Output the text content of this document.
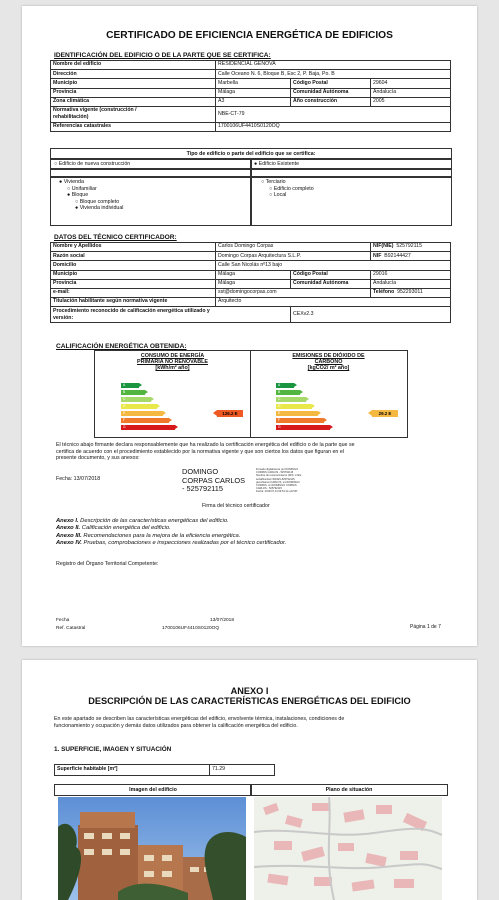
CERTIFICADO DE EFICIENCIA ENERGÉTICA DE EDIFICIOS
IDENTIFICACIÓN DEL EDIFICIO O DE LA PARTE QUE SE CERTIFICA:
Nombre del edificio	RESIDENCIAL GENOVA		
Dirección	Calle Oceano N. 6, Bloque B, Esc 2, P. Baja, Po. B		
Municipio	Marbella	Código Postal	29604
Provincia	Málaga	Comunidad Autónoma	Andalucía
Zona climática	A3	Año construcción	2005
Normativa vigente (construcción /
rehabilitación)	NBE-CT-79		
Referencias catastrales	1700106UF4410S0120OQ		
Tipo de edificio o parte del edificio que se certifica:
○ Edificio de nueva construcción	● Edificio Existente
● Vivienda
○ Unifamiliar
● Bloque
○ Bloque completo
● Vivienda individual
○ Terciario
○ Edificio completo
○ Local
DATOS DEL TÉCNICO CERTIFICADOR:
Nombre y Apellidos	Carlos Domingo Corpas		NIF(NIE) 525792115
Razón social	Domingo Corpas Arquitectura S.L.P.		NIF B92144427
Domicilio	Calle San Nicolás nº13 bajo		
Municipio	Málaga	Código Postal	29016
Provincia	Málaga	Comunidad Autónoma	Andalucía
e-mail:	sst@domingocorpas.com		Teléfono 952293011
Titulación habilitante según normativa vigente	Arquitecto		
Procedimiento reconocido de calificación energética utilizado y
versión:		CEXv2.3	
CALIFICACIÓN ENERGÉTICA OBTENIDA:
CONSUMO DE ENERGÍA
PRIMARIA NO RENOVABLE
[kWh/m² año]
A
B
C
D
E
F
G
126.2 E
EMISIONES DE DIÓXIDO DE
CARBONO
[kgCO2/ m² año]
A
B
C
D
E
F
G
29.2 E
El técnico abajo firmante declara responsablemente que ha realizado la certificación energética del edificio o de la parte que se
certifica de acuerdo con el procedimiento establecido por la normativa vigente y que son ciertos los datos que figuran en el
presente documento, y sus anexos:
Fecha: 13/07/2018
DOMINGO
CORPAS CARLOS
- 525792115
Firmado digitalmente por DOMINGO
CORPAS CARLOS - 525792115
Nombre de reconocimiento (DN): c=ES,
serialNumber=IDCES-525792115,
givenName=CARLOS, sn=DOMINGO
CORPAS, cn=DOMINGO CORPAS
CARLOS - 525792115
Fecha: 2018.07.13 09:51:14 +02'00'
Firma del técnico certificador
Anexo I. Descripción de las características energéticas del edificio.
Anexo II. Calificación energética del edificio.
Anexo III. Recomendaciones para la mejora de la eficiencia energética.
Anexo IV. Pruebas, comprobaciones e inspecciones realizadas por el técnico certificador.
Registro del Órgano Territorial Competente:
Fecha	13/07/2018
Ref. Catastral	1700106UF4410S0120OQ	Página 1 de 7
ANEXO I
DESCRIPCIÓN DE LAS CARACTERÍSTICAS ENERGÉTICAS DEL EDIFICIO
En este apartado se describen las características energéticas del edificio, envolvente térmica, instalaciones, condiciones de
funcionamiento y ocupación y demás datos utilizados para obtener la calificación energética del edificio.
1. SUPERFICIE, IMAGEN Y SITUACIÓN
Superficie habitable [m²]	71.29
Imagen del edificio	Plano de situación
